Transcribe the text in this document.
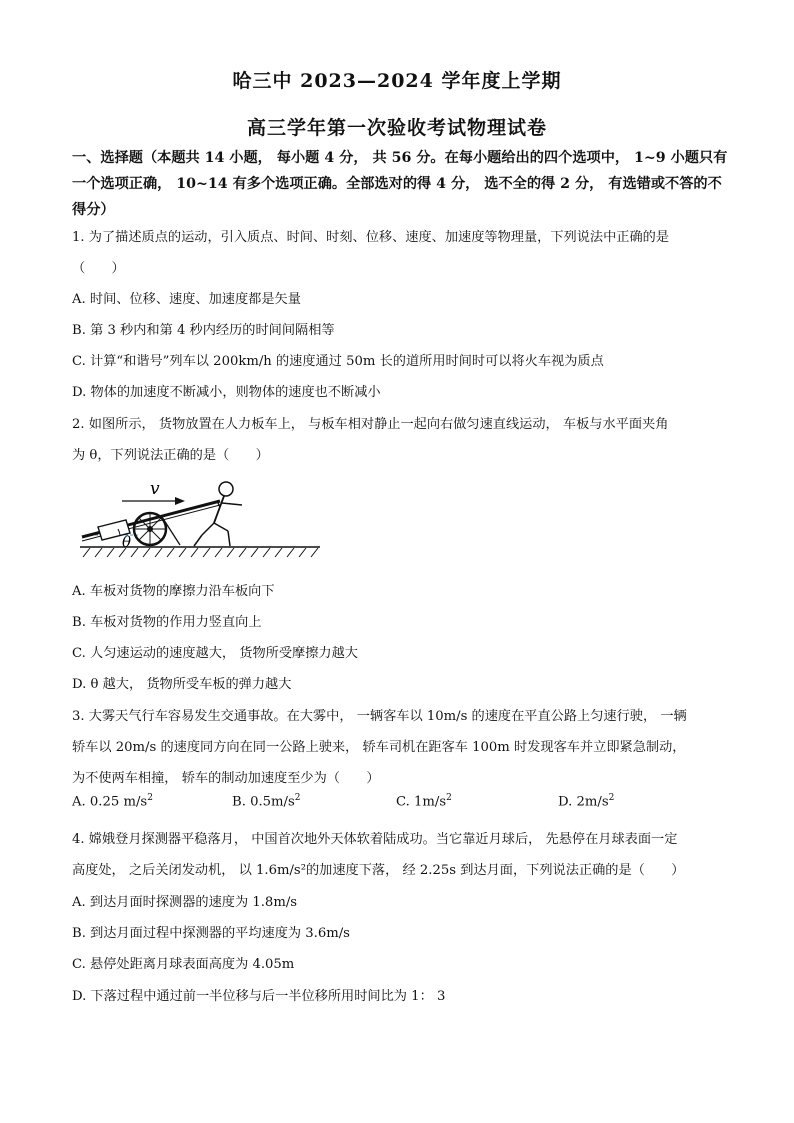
哈三中 2023—2024 学年度上学期
高三学年第一次验收考试物理试卷
一、选择题（本题共 14 小题， 每小题 4 分， 共 56 分。在每小题给出的四个选项中， 1~9 小题只有一个选项正确， 10~14 有多个选项正确。全部选对的得 4 分， 选不全的得 2 分， 有选错或不答的不得分）
1. 为了描述质点的运动，引入质点、时间、时刻、位移、速度、加速度等物理量，下列说法中正确的是
（　　）
A. 时间、位移、速度、加速度都是矢量
B. 第 3 秒内和第 4 秒内经历的时间间隔相等
C. 计算“和谐号”列车以 200km/h 的速度通过 50m 长的道所用时间时可以将火车视为质点
D. 物体的加速度不断减小，则物体的速度也不断减小
2. 如图所示， 货物放置在人力板车上， 与板车相对静止一起向右做匀速直线运动， 车板与水平面夹角
为 θ，下列说法正确的是（　　）
v
θ
A. 车板对货物的摩擦力沿车板向下
B. 车板对货物的作用力竖直向上
C. 人匀速运动的速度越大， 货物所受摩擦力越大
D. θ 越大， 货物所受车板的弹力越大
3. 大雾天气行车容易发生交通事故。在大雾中， 一辆客车以 10m/s 的速度在平直公路上匀速行驶， 一辆
轿车以 20m/s 的速度同方向在同一公路上驶来， 轿车司机在距客车 100m 时发现客车并立即紧急制动，
为不使两车相撞， 轿车的制动加速度至少为（　　）
A. 0.25 $m/s^2$	B. $0.5m/s^2$	C. $1m/s^2$	D. $2m/s^2$
4. 嫦娥登月探测器平稳落月， 中国首次地外天体软着陆成功。当它靠近月球后， 先悬停在月球表面一定
高度处， 之后关闭发动机， 以 1.6m/s²的加速度下落， 经 2.25s 到达月面，下列说法正确的是（　　）
A. 到达月面时探测器的速度为 1.8m/s
B. 到达月面过程中探测器的平均速度为 3.6m/s
C. 悬停处距离月球表面高度为 4.05m
D. 下落过程中通过前一半位移与后一半位移所用时间比为 1： 3
